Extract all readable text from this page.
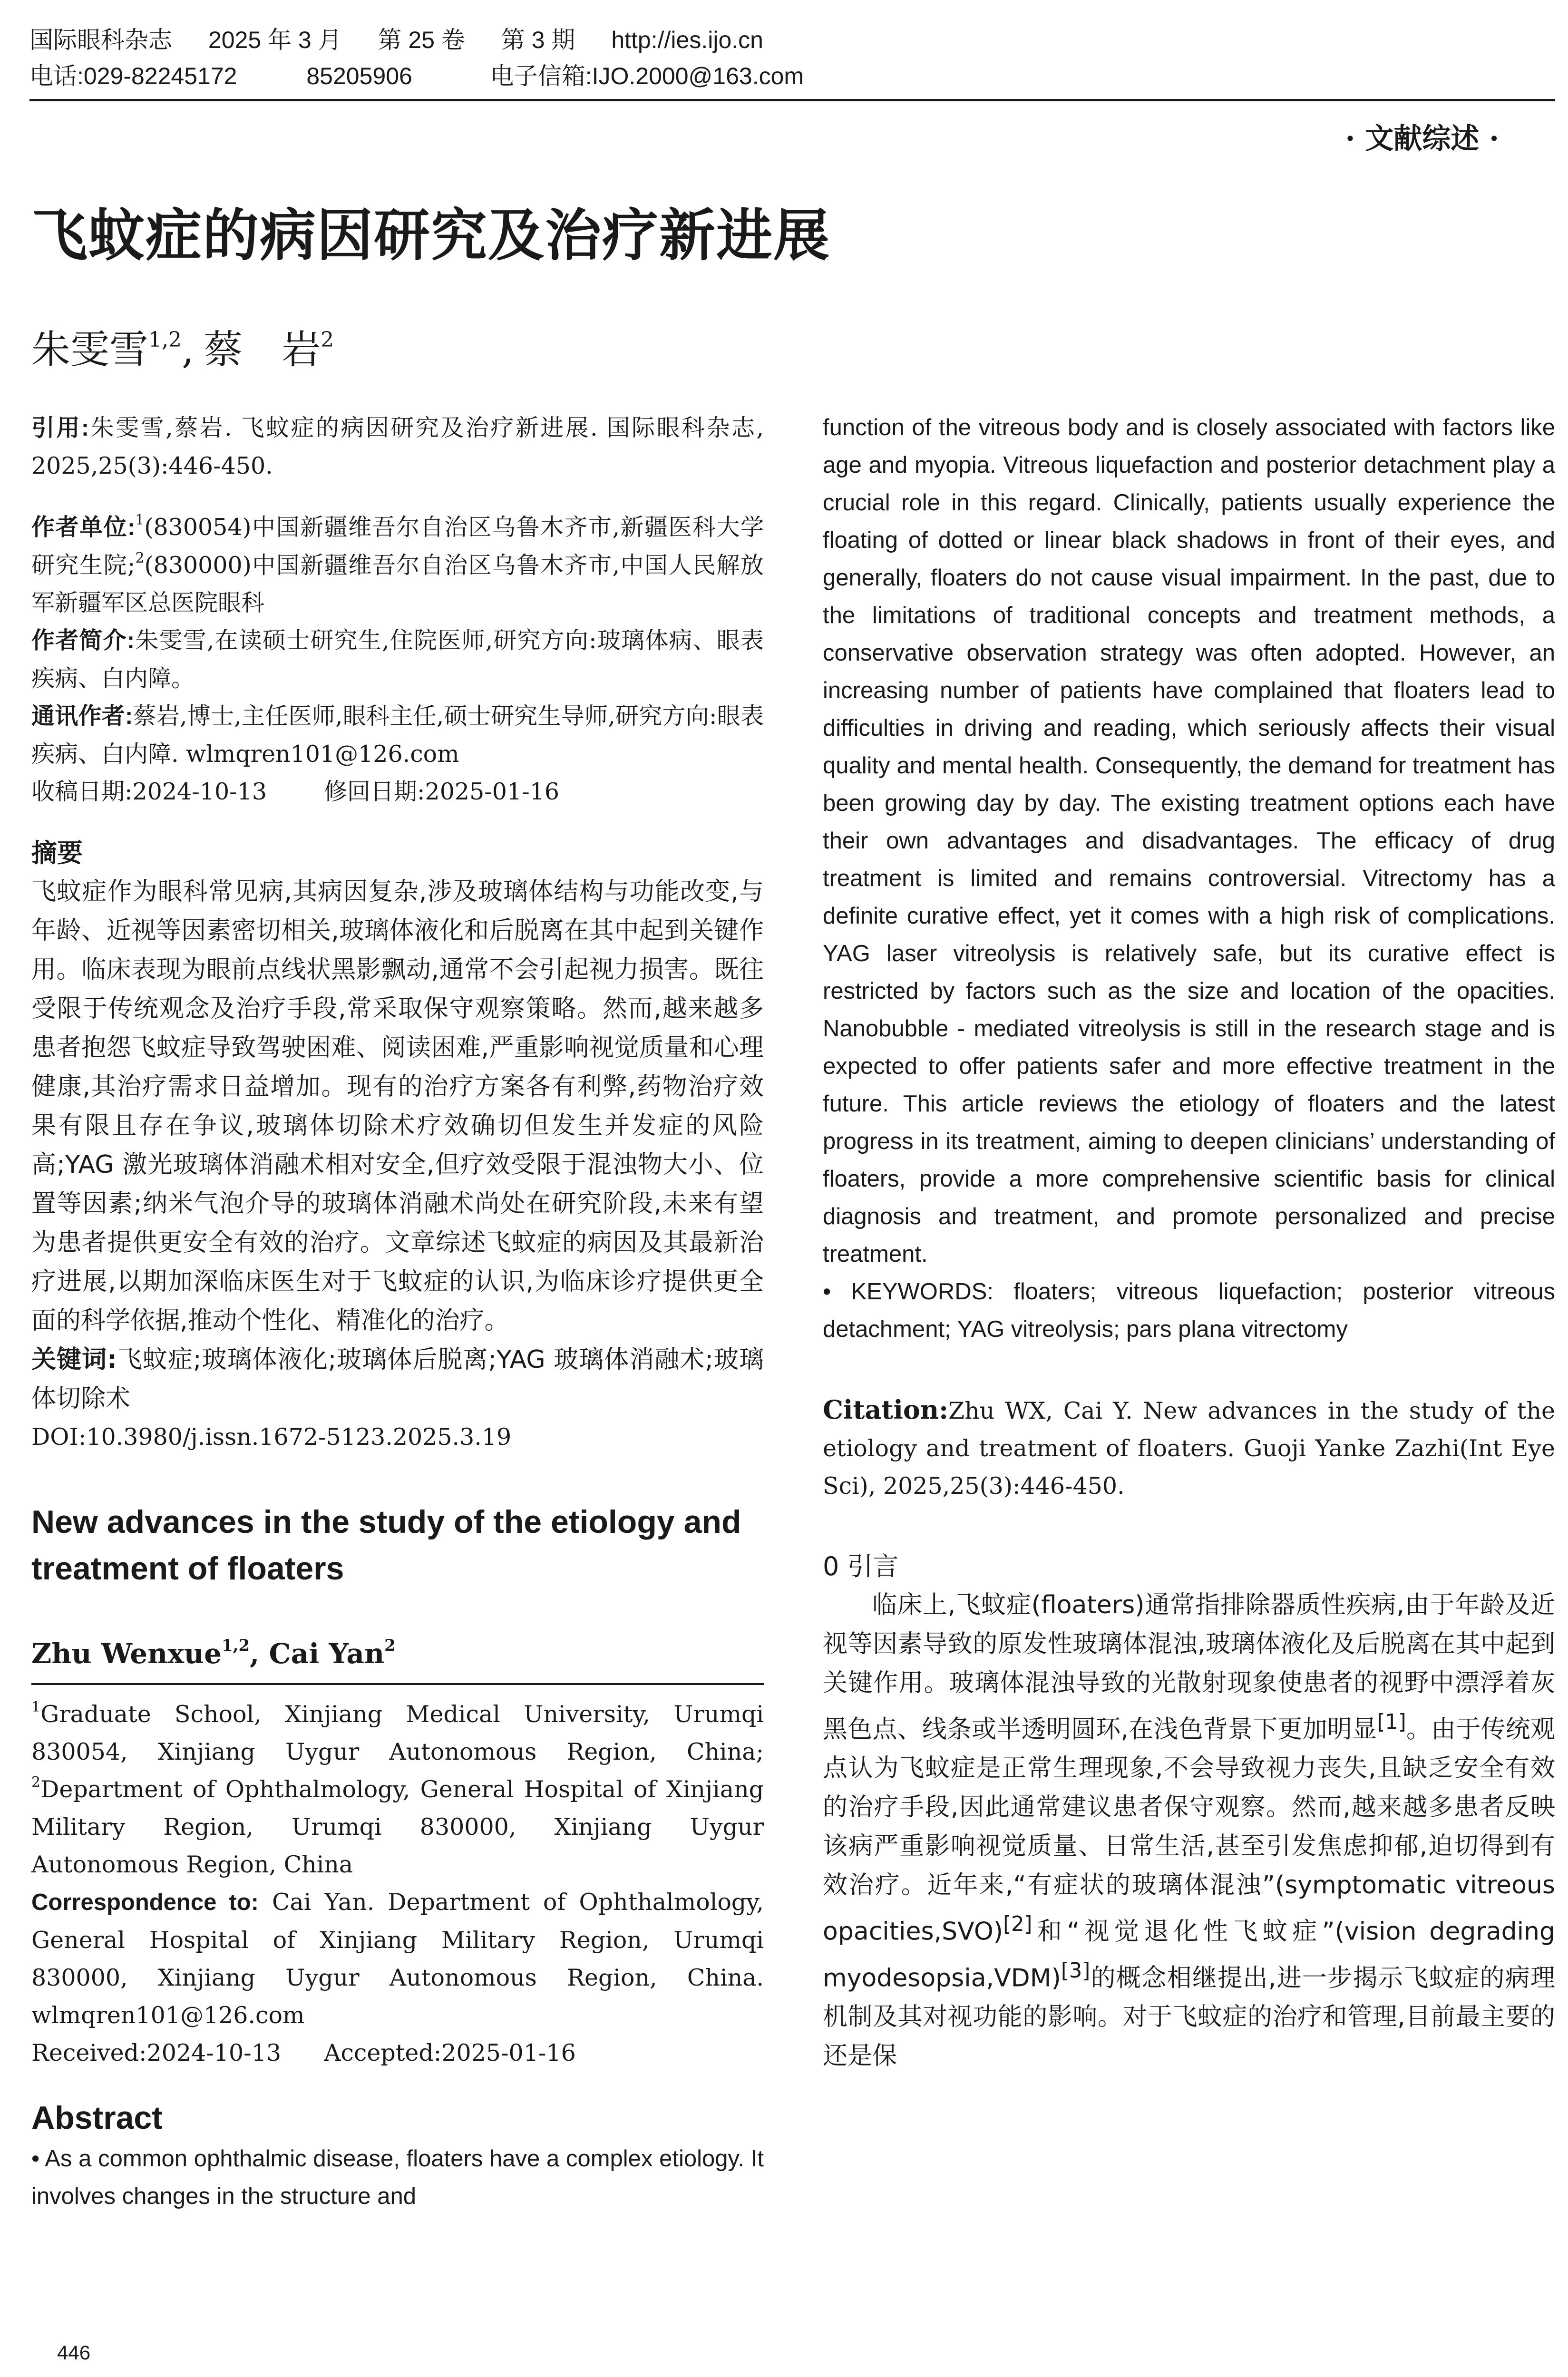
国际眼科杂志 2025 年 3 月 第 25 卷 第 3 期 http://ies.ijo.cn
电话:029-82245172	85205906	电子信箱:IJO.2000@163.com
· 文献综述 ·
飞蚊症的病因研究及治疗新进展
朱雯雪$^{1,2}$, 蔡　岩$^2$

引用:朱雯雪,蔡岩. 飞蚊症的病因研究及治疗新进展. 国际眼科杂志, 2025,25(3):446-450.

作者单位:$^1$(830054)中国新疆维吾尔自治区乌鲁木齐市,新疆医科大学研究生院;$^2$(830000)中国新疆维吾尔自治区乌鲁木齐市,中国人民解放军新疆军区总医院眼科

作者简介:朱雯雪,在读硕士研究生,住院医师,研究方向:玻璃体病、眼表疾病、白内障。

通讯作者:蔡岩,博士,主任医师,眼科主任,硕士研究生导师,研究方向:眼表疾病、白内障. wlmqren101@126.com

收稿日期:2024-10-13 修回日期:2025-01-16

摘要

飞蚊症作为眼科常见病,其病因复杂,涉及玻璃体结构与功能改变,与年龄、近视等因素密切相关,玻璃体液化和后脱离在其中起到关键作用。临床表现为眼前点线状黑影飘动,通常不会引起视力损害。既往受限于传统观念及治疗手段,常采取保守观察策略。然而,越来越多患者抱怨飞蚊症导致驾驶困难、阅读困难,严重影响视觉质量和心理健康,其治疗需求日益增加。现有的治疗方案各有利弊,药物治疗效果有限且存在争议,玻璃体切除术疗效确切但发生并发症的风险高;YAG 激光玻璃体消融术相对安全,但疗效受限于混浊物大小、位置等因素;纳米气泡介导的玻璃体消融术尚处在研究阶段,未来有望为患者提供更安全有效的治疗。文章综述飞蚊症的病因及其最新治疗进展,以期加深临床医生对于飞蚊症的认识,为临床诊疗提供更全面的科学依据,推动个性化、精准化的治疗。

关键词:飞蚊症;玻璃体液化;玻璃体后脱离;YAG 玻璃体消融术;玻璃体切除术

DOI:10.3980/j.issn.1672-5123.2025.3.19

New advances in the study of the etiology and treatment of floaters

Zhu Wenxue$^{1,2}$, Cai Yan$^2$

$^1$Graduate School, Xinjiang Medical University, Urumqi 830054, Xinjiang Uygur Autonomous Region, China; $^2$Department of Ophthalmology, General Hospital of Xinjiang Military Region, Urumqi 830000, Xinjiang Uygur Autonomous Region, China

Correspondence to: Cai Yan. Department of Ophthalmology, General Hospital of Xinjiang Military Region, Urumqi 830000, Xinjiang Uygur Autonomous Region, China. wlmqren101@126.com

Received:2024-10-13 Accepted:2025-01-16

Abstract

• As a common ophthalmic disease, floaters have a complex etiology. It involves changes in the structure and

function of the vitreous body and is closely associated with factors like age and myopia. Vitreous liquefaction and posterior detachment play a crucial role in this regard. Clinically, patients usually experience the floating of dotted or linear black shadows in front of their eyes, and generally, floaters do not cause visual impairment. In the past, due to the limitations of traditional concepts and treatment methods, a conservative observation strategy was often adopted. However, an increasing number of patients have complained that floaters lead to difficulties in driving and reading, which seriously affects their visual quality and mental health. Consequently, the demand for treatment has been growing day by day. The existing treatment options each have their own advantages and disadvantages. The efficacy of drug treatment is limited and remains controversial. Vitrectomy has a definite curative effect, yet it comes with a high risk of complications. YAG laser vitreolysis is relatively safe, but its curative effect is restricted by factors such as the size and location of the opacities. Nanobubble - mediated vitreolysis is still in the research stage and is expected to offer patients safer and more effective treatment in the future. This article reviews the etiology of floaters and the latest progress in its treatment, aiming to deepen clinicians’ understanding of floaters, provide a more comprehensive scientific basis for clinical diagnosis and treatment, and promote personalized and precise treatment.

• KEYWORDS: floaters; vitreous liquefaction; posterior vitreous detachment; YAG vitreolysis; pars plana vitrectomy

Citation:Zhu WX, Cai Y. New advances in the study of the etiology and treatment of floaters. Guoji Yanke Zazhi(Int Eye Sci), 2025,25(3):446-450.

0 引言

临床上,飞蚊症(floaters)通常指排除器质性疾病,由于年龄及近视等因素导致的原发性玻璃体混浊,玻璃体液化及后脱离在其中起到关键作用。玻璃体混浊导致的光散射现象使患者的视野中漂浮着灰黑色点、线条或半透明圆环,在浅色背景下更加明显[1]。由于传统观点认为飞蚊症是正常生理现象,不会导致视力丧失,且缺乏安全有效的治疗手段,因此通常建议患者保守观察。然而,越来越多患者反映该病严重影响视觉质量、日常生活,甚至引发焦虑抑郁,迫切得到有效治疗。近年来,“有症状的玻璃体混浊”(symptomatic vitreous opacities,SVO)[2]和“视觉退化性飞蚊症”(vision degrading myodesopsia,VDM)[3]的概念相继提出,进一步揭示飞蚊症的病理机制及其对视功能的影响。对于飞蚊症的治疗和管理,目前最主要的还是保

446
